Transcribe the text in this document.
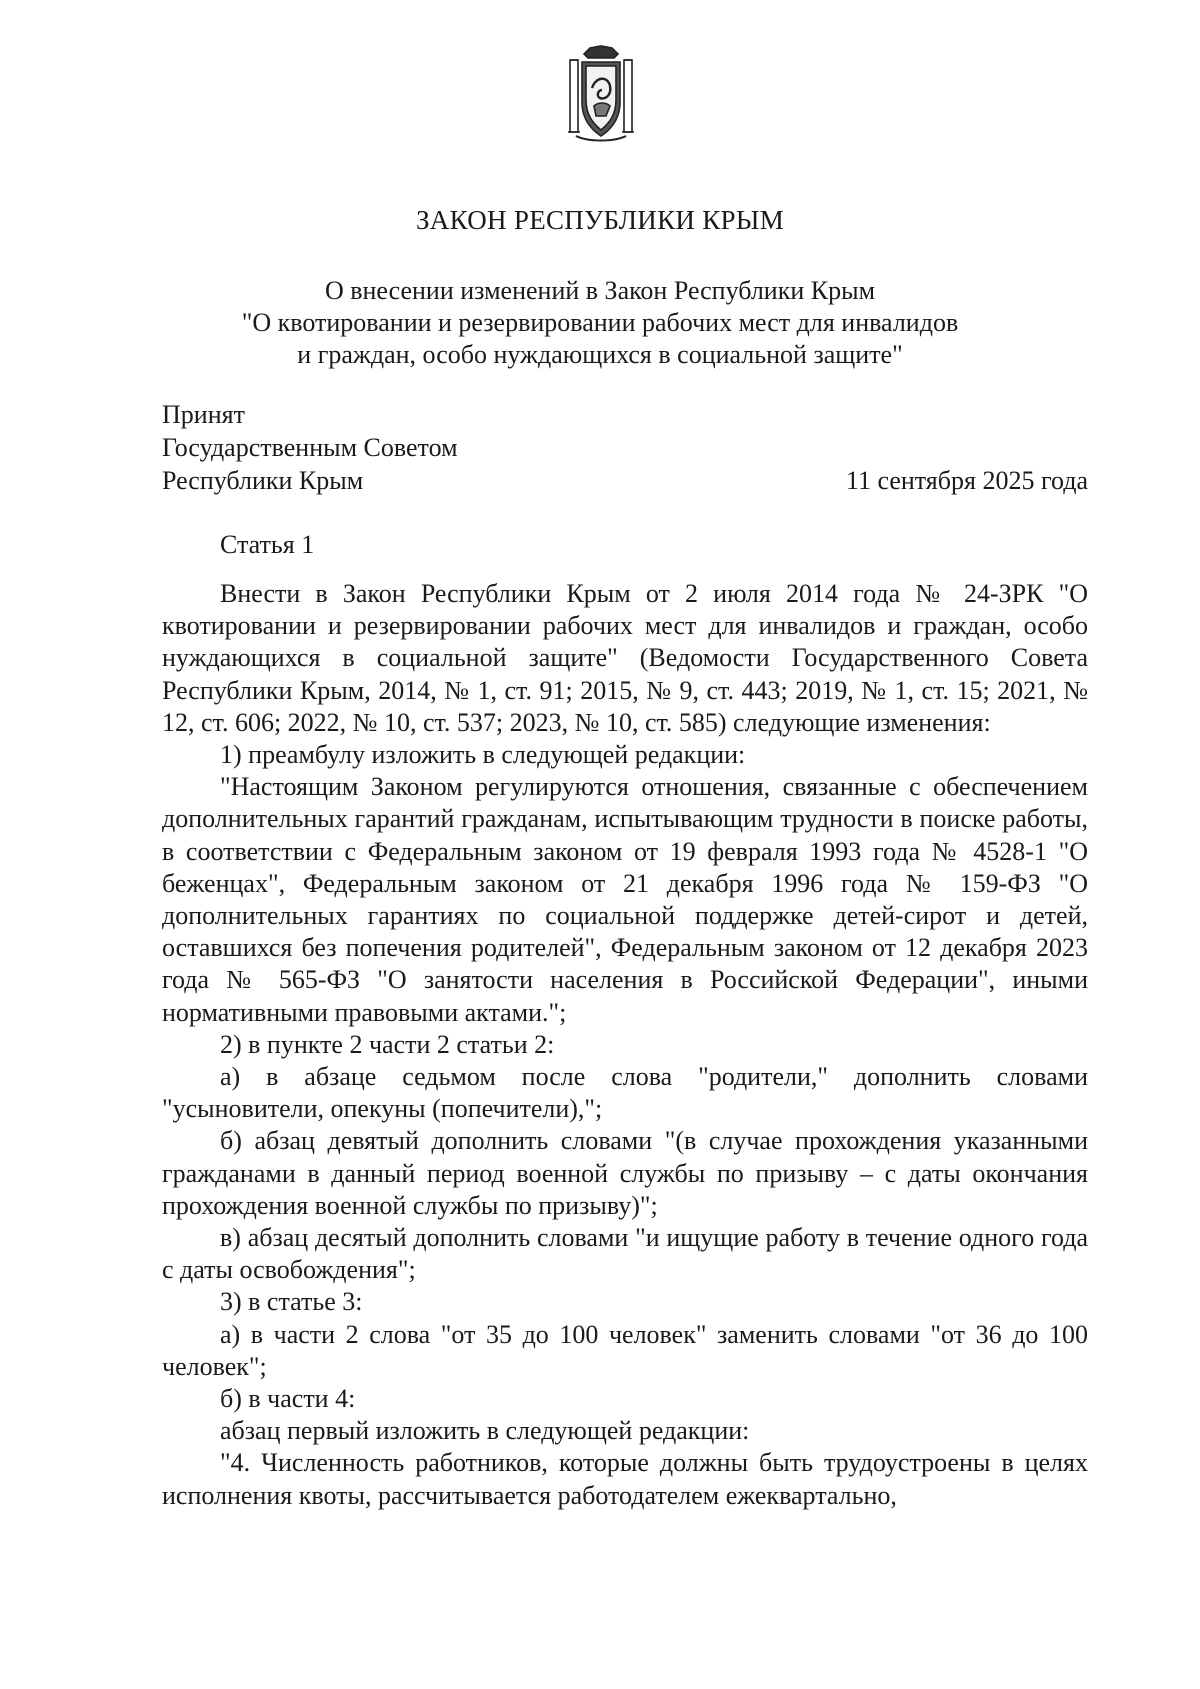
ЗАКОН РЕСПУБЛИКИ КРЫМ
О внесении изменений в Закон Республики Крым
"О квотировании и резервировании рабочих мест для инвалидов
и граждан, особо нуждающихся в социальной защите"
Принят
Государственным Советом
Республики Крым	11 сентября 2025 года
Статья 1

Внести в Закон Республики Крым от 2 июля 2014 года № 24-ЗРК "О квотировании и резервировании рабочих мест для инвалидов и граждан, особо нуждающихся в социальной защите" (Ведомости Государственного Совета Республики Крым, 2014, № 1, ст. 91; 2015, № 9, ст. 443; 2019, № 1, ст. 15; 2021, № 12, ст. 606; 2022, № 10, ст. 537; 2023, № 10, ст. 585) следующие изменения:

1) преамбулу изложить в следующей редакции:

"Настоящим Законом регулируются отношения, связанные с обеспечением дополнительных гарантий гражданам, испытывающим трудности в поиске работы, в соответствии с Федеральным законом от 19 февраля 1993 года № 4528-1 "О беженцах", Федеральным законом от 21 декабря 1996 года № 159-ФЗ "О дополнительных гарантиях по социальной поддержке детей-сирот и детей, оставшихся без попечения родителей", Федеральным законом от 12 декабря 2023 года № 565-ФЗ "О занятости населения в Российской Федерации", иными нормативными правовыми актами.";

2) в пункте 2 части 2 статьи 2:

а) в абзаце седьмом после слова "родители," дополнить словами "усыновители, опекуны (попечители),";

б) абзац девятый дополнить словами "(в случае прохождения указанными гражданами в данный период военной службы по призыву – с даты окончания прохождения военной службы по призыву)";

в) абзац десятый дополнить словами "и ищущие работу в течение одного года с даты освобождения";

3) в статье 3:

а) в части 2 слова "от 35 до 100 человек" заменить словами "от 36 до 100 человек";

б) в части 4:

абзац первый изложить в следующей редакции:

"4. Численность работников, которые должны быть трудоустроены в целях исполнения квоты, рассчитывается работодателем ежеквартально,
